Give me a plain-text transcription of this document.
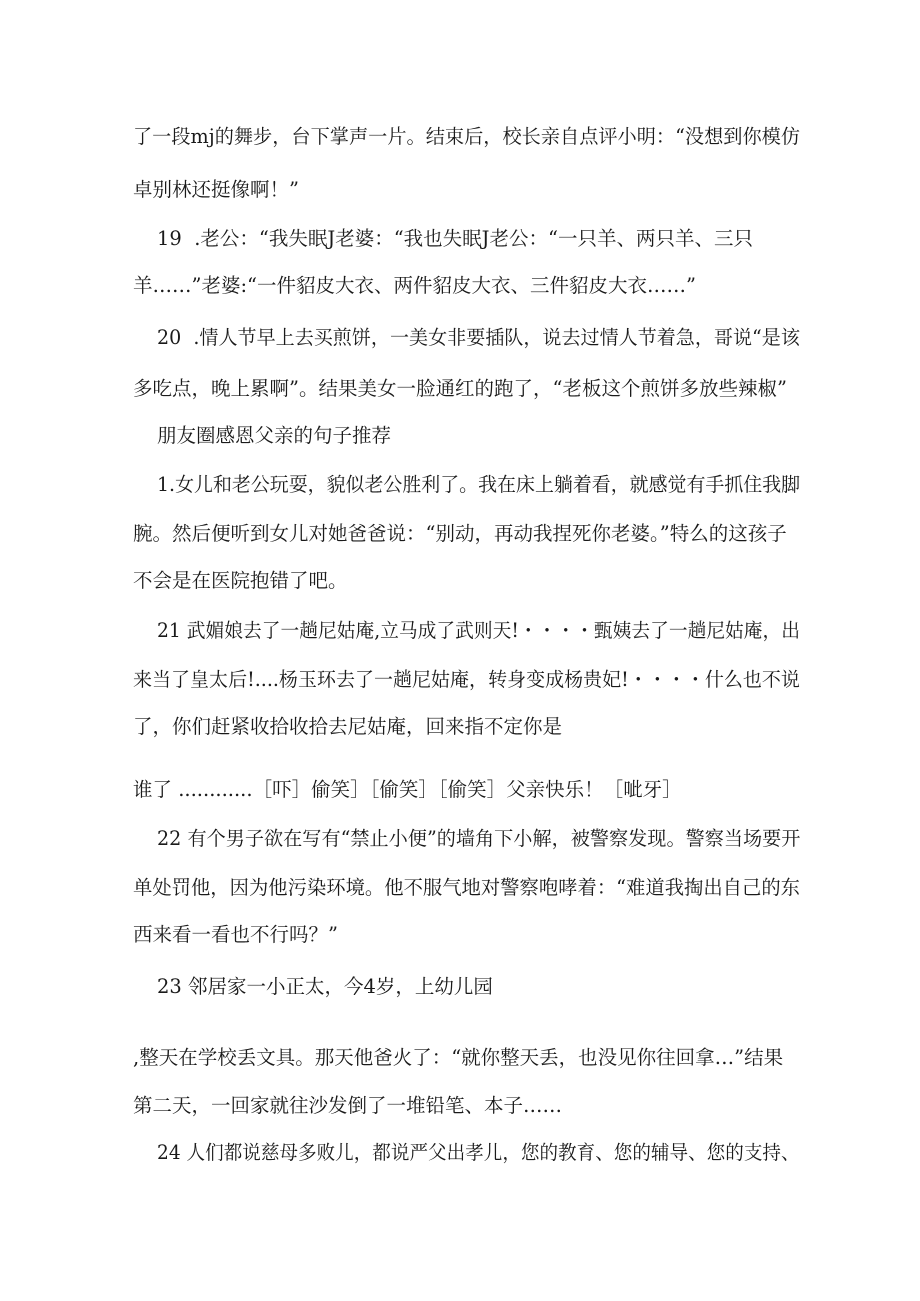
了一段mj的舞步，台下掌声一片。结束后，校长亲自点评小明：“没想到你模仿
卓别林还挺像啊！”
19  .老公：“我失眠J老婆：“我也失眠J老公：“一只羊、两只羊、三只
羊……”老婆:“一件貂皮大衣、两件貂皮大衣、三件貂皮大衣……”
20  .情人节早上去买煎饼，一美女非要插队，说去过情人节着急，哥说“是该
多吃点，晚上累啊”。结果美女一脸通红的跑了，“老板这个煎饼多放些辣椒”
朋友圈感恩父亲的句子推荐
1.女儿和老公玩耍，貌似老公胜利了。我在床上躺着看，就感觉有手抓住我脚
腕。然后便听到女儿对她爸爸说：“别动，再动我捏死你老婆。”特么的这孩子
不会是在医院抱错了吧。
21 武媚娘去了一趟尼姑庵,立马成了武则天!・・・・甄姨去了一趟尼姑庵，出
来当了皇太后!....杨玉环去了一趟尼姑庵，转身变成杨贵妃!・・・・什么也不说
了，你们赶紧收拾收拾去尼姑庵，回来指不定你是
谁了 ............［吓］偷笑］［偷笑］［偷笑］父亲快乐！［呲牙］
22 有个男子欲在写有“禁止小便”的墙角下小解，被警察发现。警察当场要开
单处罚他，因为他污染环境。他不服气地对警察咆哮着：“难道我掏出自己的东
西来看一看也不行吗？”
23 邻居家一小正太，今4岁，上幼儿园
,整天在学校丢文具。那天他爸火了：“就你整天丢，也没见你往回拿…”结果
第二天，一回家就往沙发倒了一堆铅笔、本子……
24 人们都说慈母多败儿，都说严父出孝儿，您的教育、您的辅导、您的支持、
